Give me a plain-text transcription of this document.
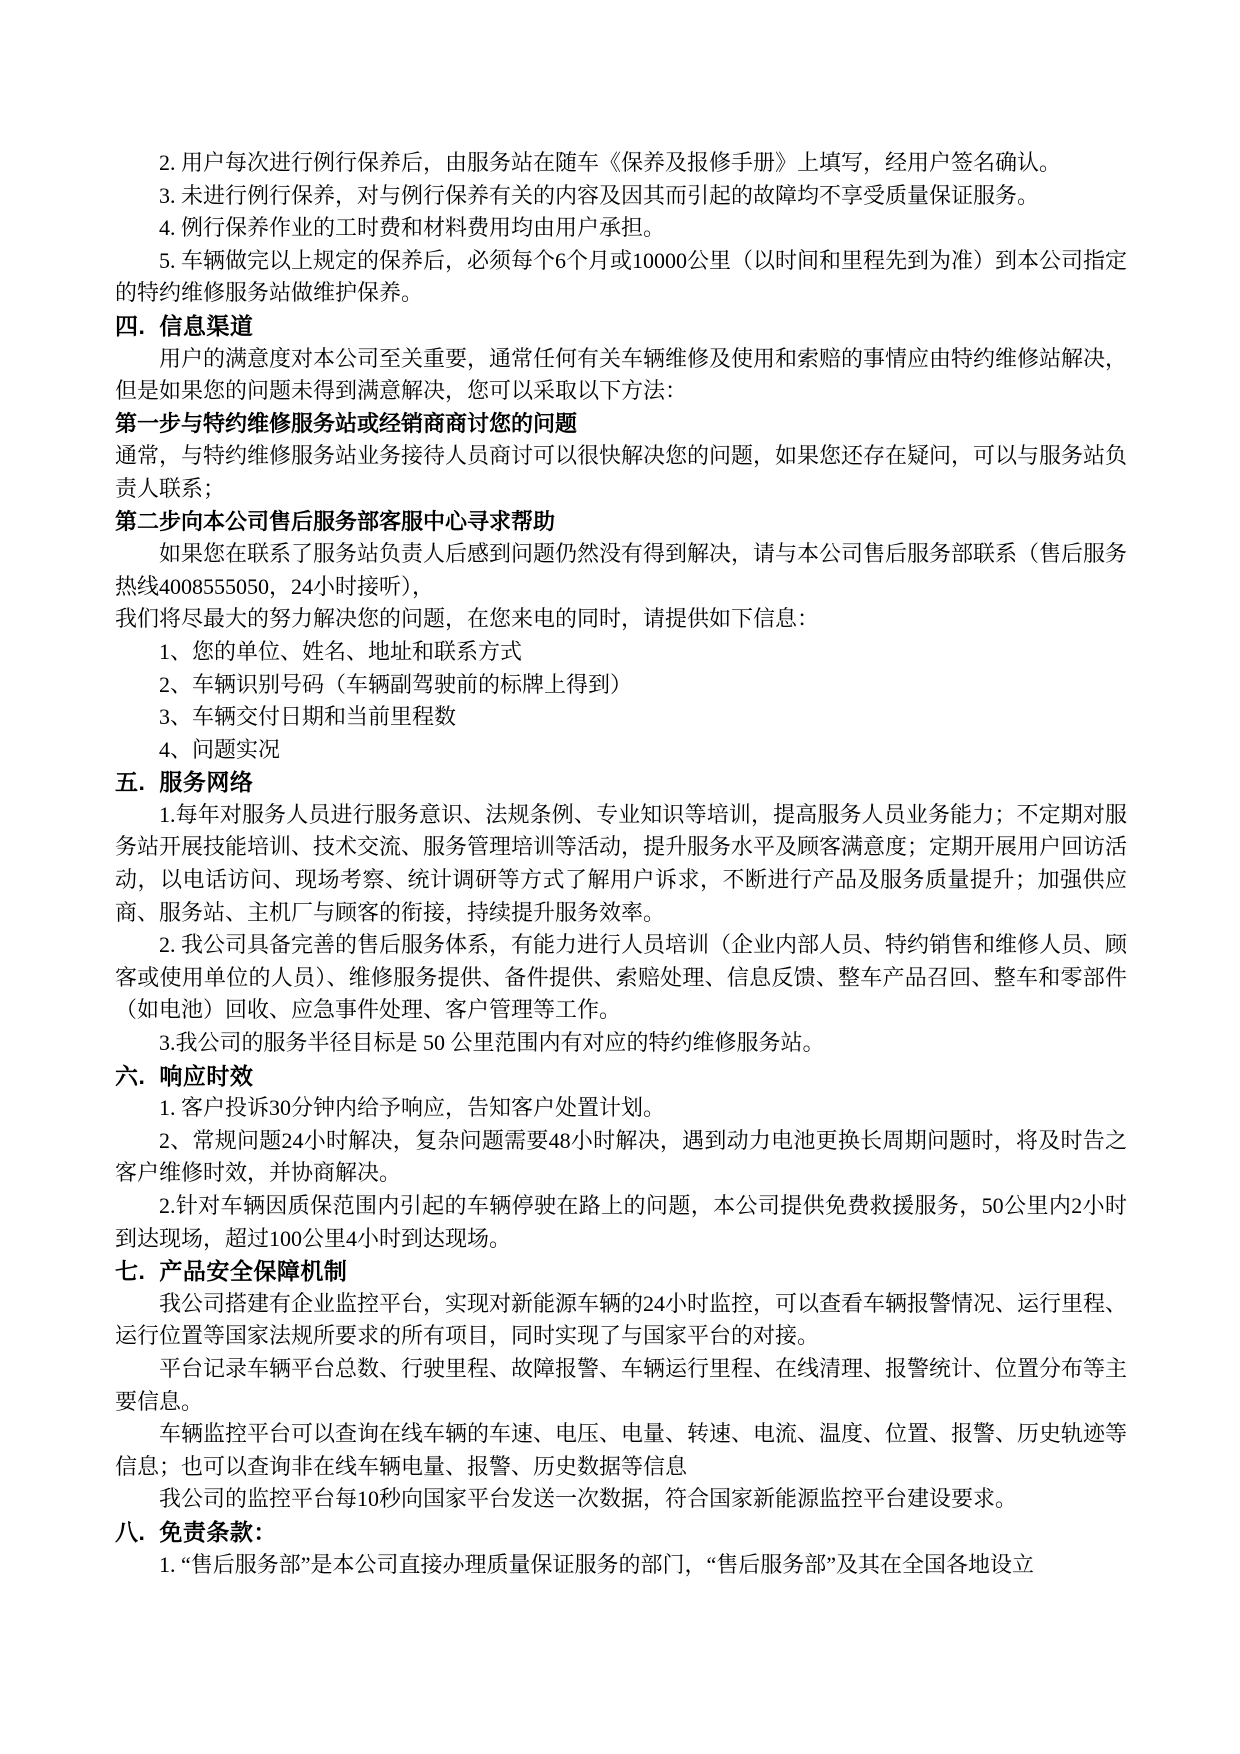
2. 用户每次进行例行保养后，由服务站在随车《保养及报修手册》上填写，经用户签名确认。

3. 未进行例行保养，对与例行保养有关的内容及因其而引起的故障均不享受质量保证服务。

4. 例行保养作业的工时费和材料费用均由用户承担。

5. 车辆做完以上规定的保养后，必须每个6个月或10000公里（以时间和里程先到为准）到本公司指定的特约维修服务站做维护保养。

四. 信息渠道

用户的满意度对本公司至关重要，通常任何有关车辆维修及使用和索赔的事情应由特约维修站解决，但是如果您的问题未得到满意解决，您可以采取以下方法：

第一步与特约维修服务站或经销商商讨您的问题

通常，与特约维修服务站业务接待人员商讨可以很快解决您的问题，如果您还存在疑问，可以与服务站负责人联系；

第二步向本公司售后服务部客服中心寻求帮助

如果您在联系了服务站负责人后感到问题仍然没有得到解决，请与本公司售后服务部联系（售后服务热线4008555050，24小时接听），

我们将尽最大的努力解决您的问题，在您来电的同时，请提供如下信息：

1、您的单位、姓名、地址和联系方式

2、车辆识别号码（车辆副驾驶前的标牌上得到）

3、车辆交付日期和当前里程数

4、问题实况

五. 服务网络

1.每年对服务人员进行服务意识、法规条例、专业知识等培训，提高服务人员业务能力；不定期对服务站开展技能培训、技术交流、服务管理培训等活动，提升服务水平及顾客满意度；定期开展用户回访活动，以电话访问、现场考察、统计调研等方式了解用户诉求，不断进行产品及服务质量提升；加强供应商、服务站、主机厂与顾客的衔接，持续提升服务效率。

2. 我公司具备完善的售后服务体系，有能力进行人员培训（企业内部人员、特约销售和维修人员、顾客或使用单位的人员）、维修服务提供、备件提供、索赔处理、信息反馈、整车产品召回、整车和零部件（如电池）回收、应急事件处理、客户管理等工作。

3.我公司的服务半径目标是 50 公里范围内有对应的特约维修服务站。

六. 响应时效

1. 客户投诉30分钟内给予响应，告知客户处置计划。

2、常规问题24小时解决，复杂问题需要48小时解决，遇到动力电池更换长周期问题时，将及时告之客户维修时效，并协商解决。

2.针对车辆因质保范围内引起的车辆停驶在路上的问题，本公司提供免费救援服务，50公里内2小时到达现场，超过100公里4小时到达现场。

七. 产品安全保障机制

我公司搭建有企业监控平台，实现对新能源车辆的24小时监控，可以查看车辆报警情况、运行里程、运行位置等国家法规所要求的所有项目，同时实现了与国家平台的对接。

平台记录车辆平台总数、行驶里程、故障报警、车辆运行里程、在线清理、报警统计、位置分布等主要信息。

车辆监控平台可以查询在线车辆的车速、电压、电量、转速、电流、温度、位置、报警、历史轨迹等信息；也可以查询非在线车辆电量、报警、历史数据等信息

我公司的监控平台每10秒向国家平台发送一次数据，符合国家新能源监控平台建设要求。

八. 免责条款：

1. “售后服务部”是本公司直接办理质量保证服务的部门，“售后服务部”及其在全国各地设立
